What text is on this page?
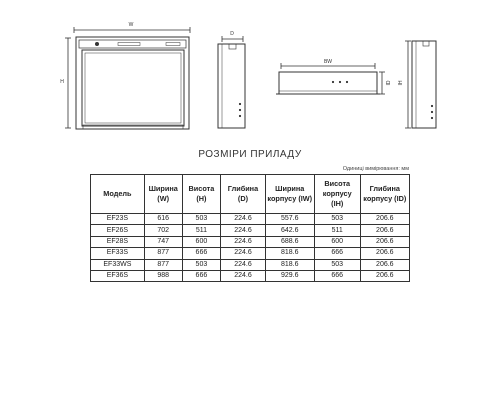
W
H
D
BW
ID IH
РОЗМІРИ ПРИЛАДУ
Одиниці вимірювання: мм
Модель	Ширина (W)	Висота (H)	Глибина (D)	Ширина корпусу (IW)	Висота корпусу (IH)	Глибина корпусу (ID)
EF23S	616	503	224.6	557.6	503	206.6
EF26S	702	511	224.6	642.6	511	206.6
EF28S	747	600	224.6	688.6	600	206.6
EF33S	877	666	224.6	818.6	666	206.6
EF33WS	877	503	224.6	818.6	503	206.6
EF36S	988	666	224.6	929.6	666	206.6
